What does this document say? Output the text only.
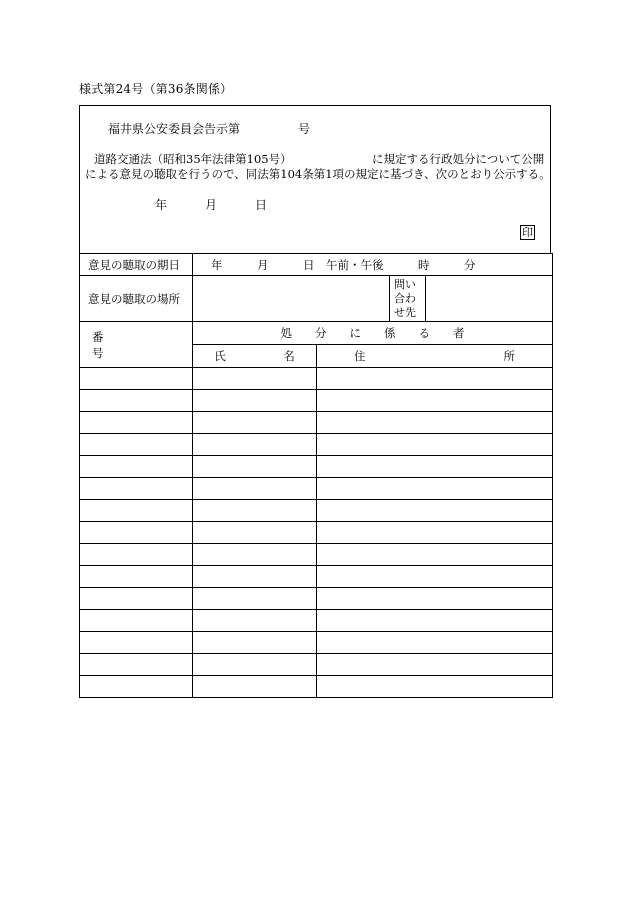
様式第24号（第36条関係）
福井県公安委員会告示第	号
道路交通法（昭和35年法律第105号）	に規定する行政処分について公開
による意見の聴取を行うので、同法第104条第1項の規定に基づき、次のとおり公示する。
年	月	日
印
意見の聴取の期日	年　　　月　　　日　午前・午後　　　時　　　分			
意見の聴取の場所			問い
合わ
せ先	

番　　　　　　号	処　　分　　に　　係　　る　　者			
	氏　　　　　名	住　　　　　　　　　　　　所		
